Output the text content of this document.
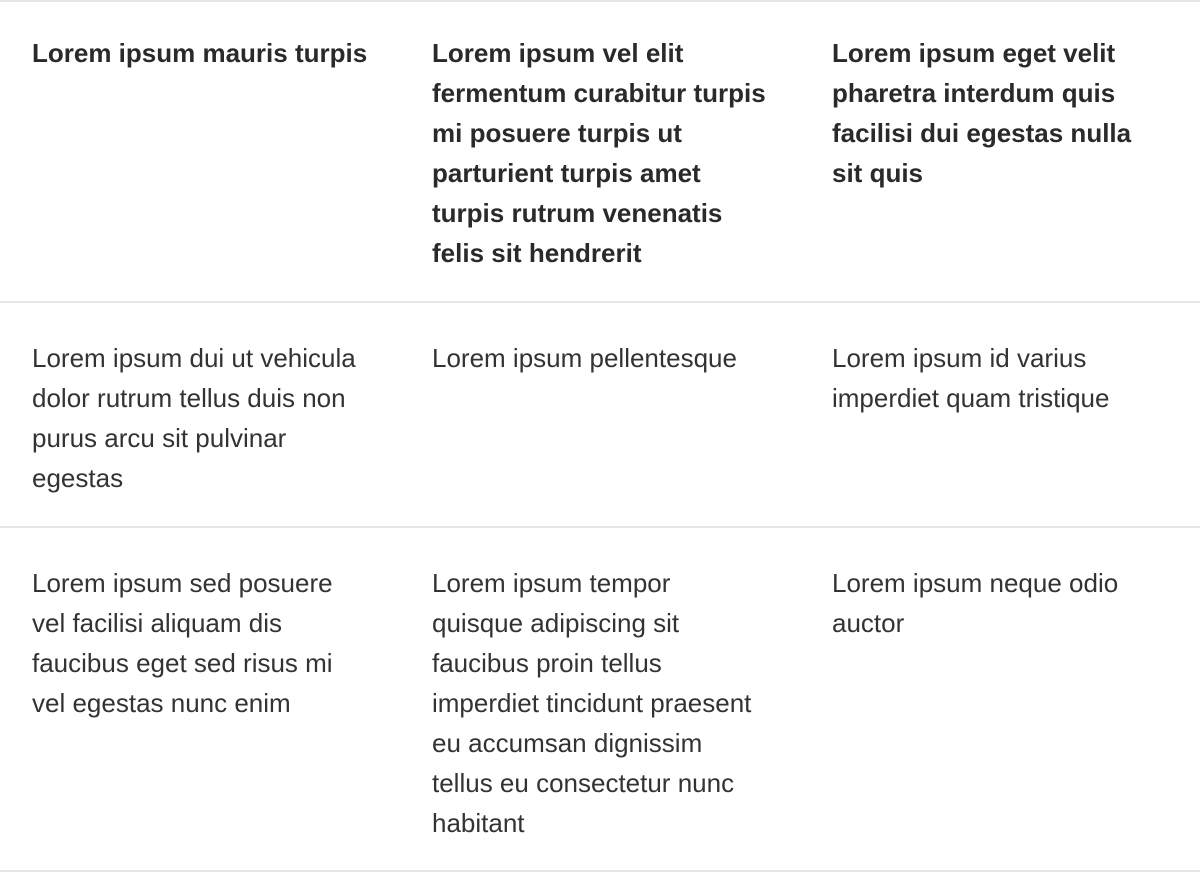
Lorem ipsum mauris turpis	Lorem ipsum vel elit fermentum curabitur turpis mi posuere turpis ut parturient turpis amet turpis rutrum venenatis felis sit hendrerit
Lorem ipsum eget velit pharetra interdum quis facilisi dui egestas nulla sit quis
Lorem ipsum dui ut vehicula dolor rutrum tellus duis non purus arcu sit pulvinar egestas
Lorem ipsum pellentesque	Lorem ipsum id varius imperdiet quam tristique
Lorem ipsum sed posuere vel facilisi aliquam dis faucibus eget sed risus mi vel egestas nunc enim
Lorem ipsum tempor quisque adipiscing sit faucibus proin tellus imperdiet tincidunt praesent eu accumsan dignissim tellus eu consectetur nunc habitant
Lorem ipsum neque odio auctor
